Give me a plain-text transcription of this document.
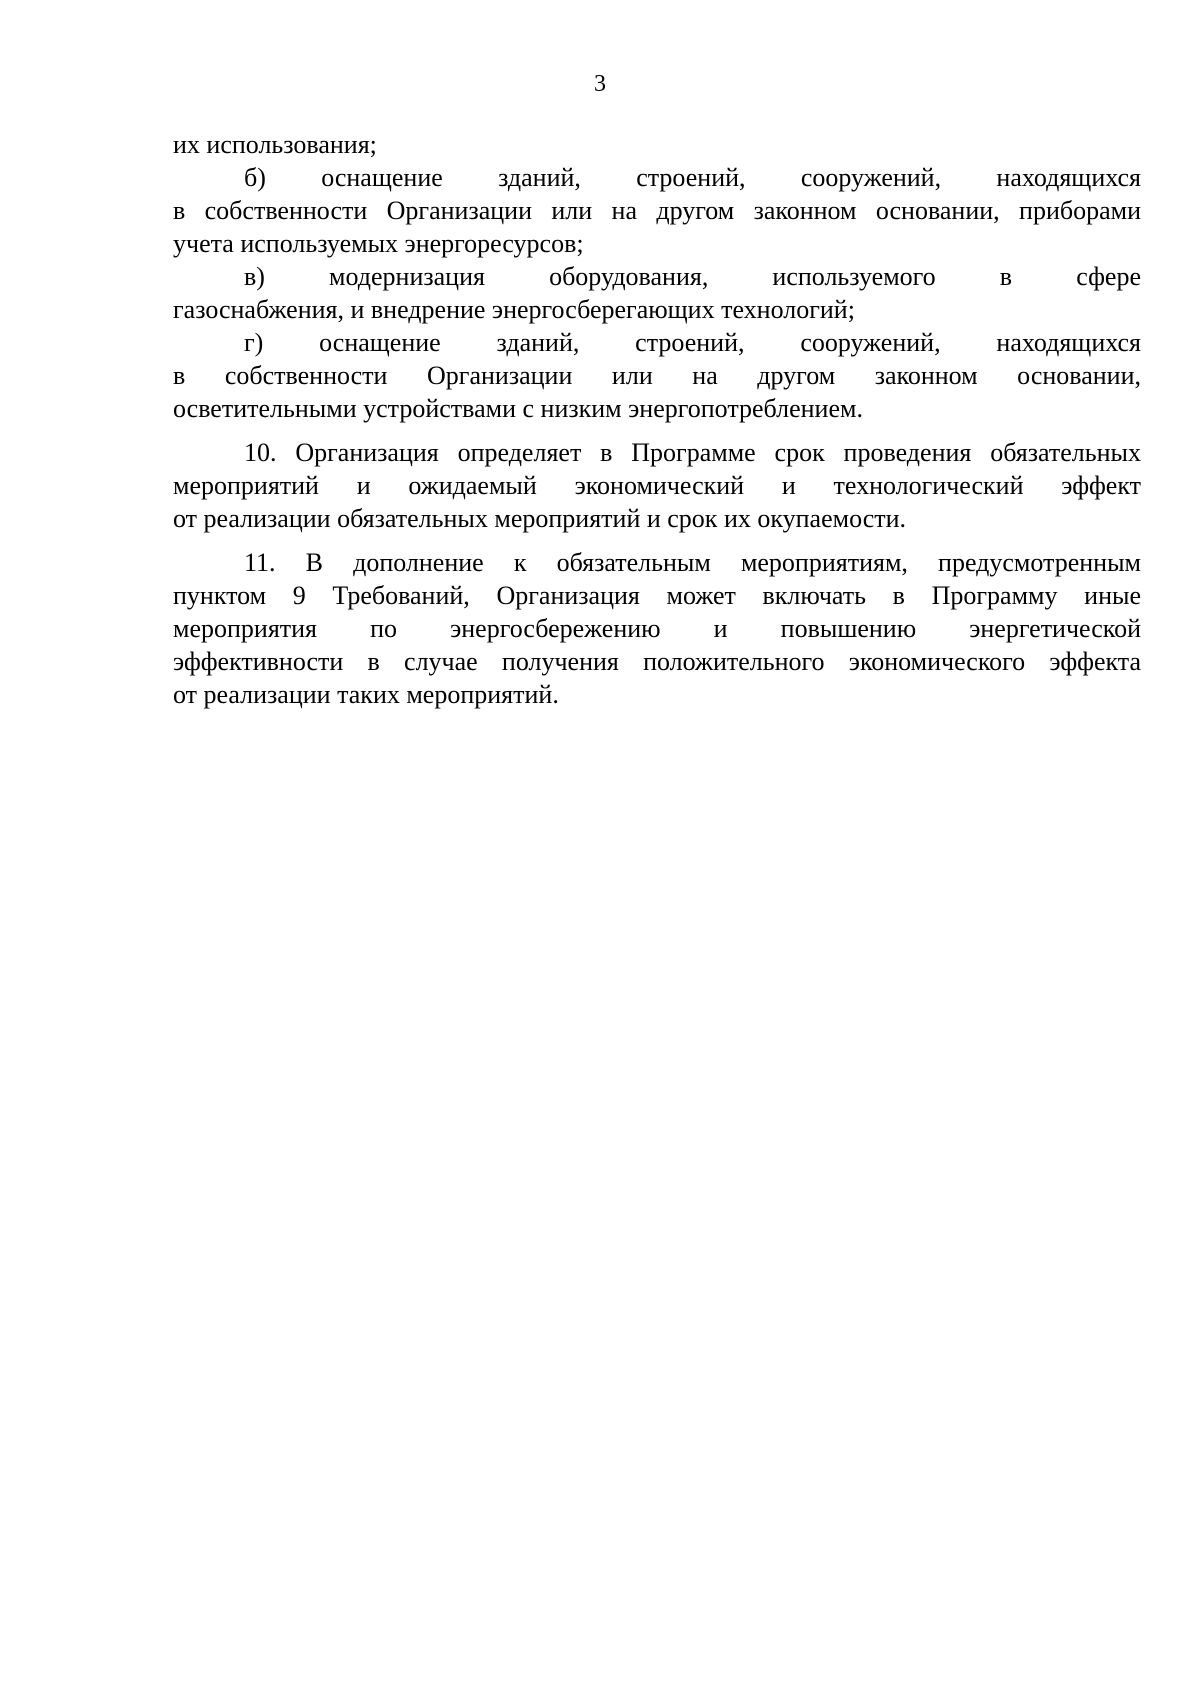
3
их использования;
б) оснащение зданий, строений, сооружений, находящихся
в собственности Организации или на другом законном основании, приборами
учета используемых энергоресурсов;
в) модернизация оборудования, используемого в сфере
газоснабжения, и внедрение энергосберегающих технологий;
г) оснащение зданий, строений, сооружений, находящихся
в собственности Организации или на другом законном основании,
осветительными устройствами с низким энергопотреблением.
10. Организация определяет в Программе срок проведения обязательных
мероприятий и ожидаемый экономический и технологический эффект
от реализации обязательных мероприятий и срок их окупаемости.
11. В дополнение к обязательным мероприятиям, предусмотренным
пунктом 9 Требований, Организация может включать в Программу иные
мероприятия по энергосбережению и повышению энергетической
эффективности в случае получения положительного экономического эффекта
от реализации таких мероприятий.
